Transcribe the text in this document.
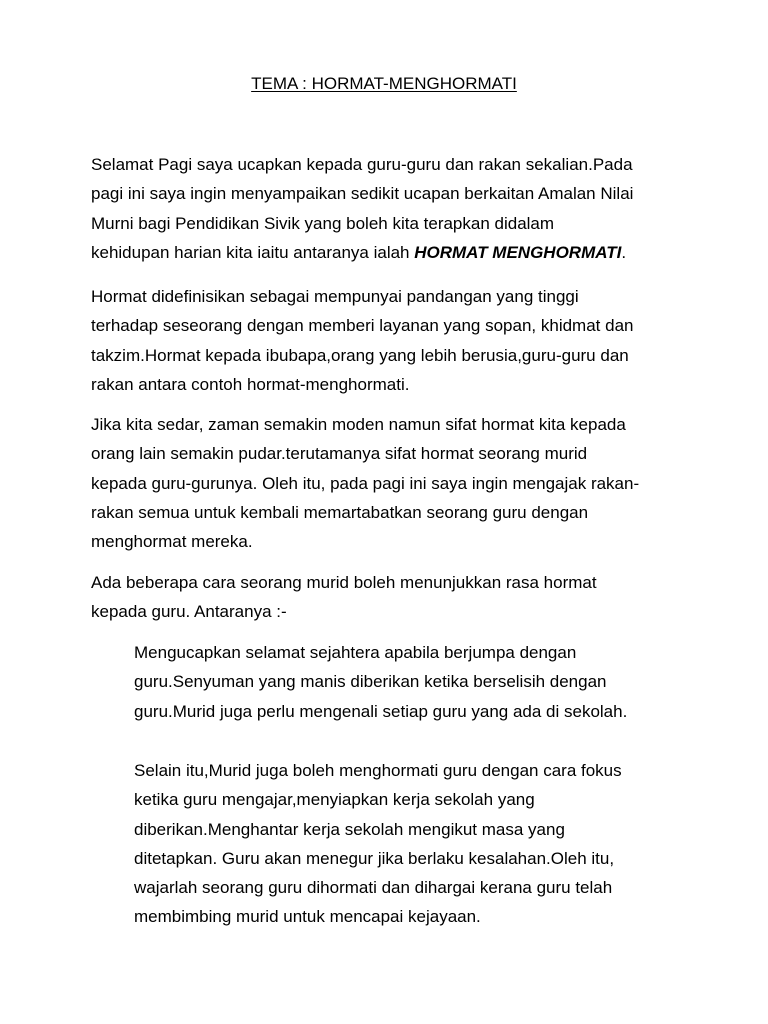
TEMA : HORMAT-MENGHORMATI

Selamat Pagi saya ucapkan kepada guru-guru dan rakan sekalian.Pada
pagi ini saya ingin menyampaikan sedikit ucapan berkaitan Amalan Nilai
Murni bagi Pendidikan Sivik yang boleh kita terapkan didalam
kehidupan harian kita iaitu antaranya ialah HORMAT MENGHORMATI.

Hormat didefinisikan sebagai mempunyai pandangan yang tinggi
terhadap seseorang dengan memberi layanan yang sopan, khidmat dan
takzim.Hormat kepada ibubapa,orang yang lebih berusia,guru-guru dan
rakan antara contoh hormat-menghormati.

Jika kita sedar, zaman semakin moden namun sifat hormat kita kepada
orang lain semakin pudar.terutamanya sifat hormat seorang murid
kepada guru-gurunya. Oleh itu, pada pagi ini saya ingin mengajak rakan-
rakan semua untuk kembali memartabatkan seorang guru dengan
menghormat mereka.

Ada beberapa cara seorang murid boleh menunjukkan rasa hormat
kepada guru. Antaranya :-

Mengucapkan selamat sejahtera apabila berjumpa dengan
guru.Senyuman yang manis diberikan ketika berselisih dengan
guru.Murid juga perlu mengenali setiap guru yang ada di sekolah.

Selain itu,Murid juga boleh menghormati guru dengan cara fokus
ketika guru mengajar,menyiapkan kerja sekolah yang
diberikan.Menghantar kerja sekolah mengikut masa yang
ditetapkan. Guru akan menegur jika berlaku kesalahan.Oleh itu,
wajarlah seorang guru dihormati dan dihargai kerana guru telah
membimbing murid untuk mencapai kejayaan.
